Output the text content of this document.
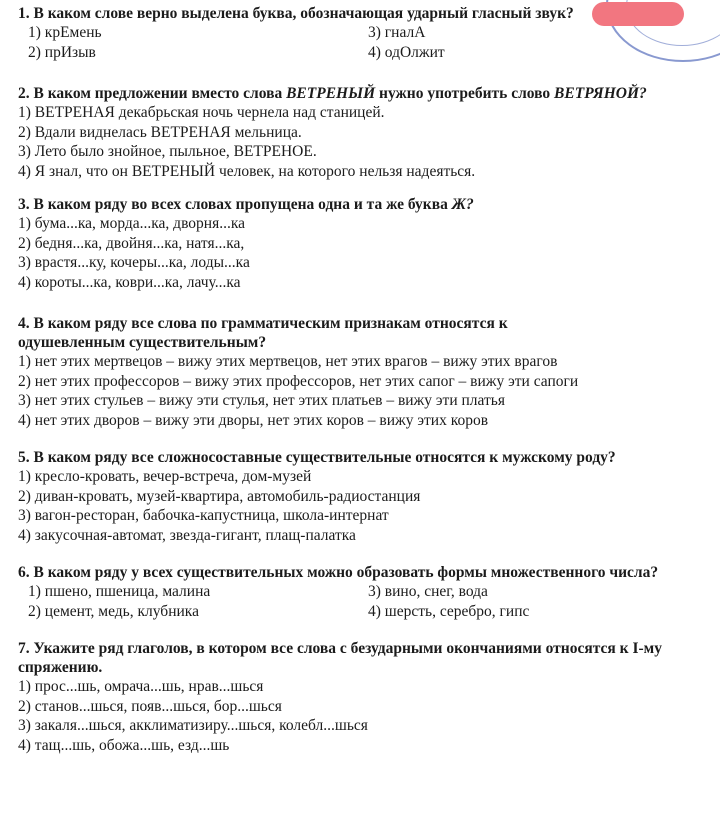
1. В каком слове верно выделена буква, обозначающая ударный гласный звук?
1) крЕмень	3) гналА
2) прИзыв	4) одОлжит
2. В каком предложении вместо слова ВЕТРЕНЫЙ нужно употребить слово ВЕТРЯНОЙ?
1) ВЕТРЕНАЯ декабрьская ночь чернела над станицей.
2) Вдали виднелась ВЕТРЕНАЯ мельница.
3) Лето было знойное, пыльное, ВЕТРЕНОЕ.
4) Я знал, что он ВЕТРЕНЫЙ человек, на которого нельзя надеяться.
3. В каком ряду во всех словах пропущена одна и та же буква Ж?
1) бума...ка, морда...ка, дворня...ка
2) бедня...ка, двойня...ка, натя...ка,
3) врастя...ку, кочеры...ка, лоды...ка
4) короты...ка, коври...ка, лачу...ка
4. В каком ряду все слова по грамматическим признакам относятся к одушевленным существительным?
1) нет этих мертвецов – вижу этих мертвецов, нет этих врагов – вижу этих врагов
2) нет этих профессоров – вижу этих профессоров, нет этих сапог – вижу эти сапоги
3) нет этих стульев – вижу эти стулья, нет этих платьев – вижу эти платья
4) нет этих дворов – вижу эти дворы, нет этих коров – вижу этих коров
5. В каком ряду все сложносоставные существительные относятся к мужскому роду?
1) кресло-кровать, вечер-встреча, дом-музей
2) диван-кровать, музей-квартира, автомобиль-радиостанция
3) вагон-ресторан, бабочка-капустница, школа-интернат
4) закусочная-автомат, звезда-гигант, плащ-палатка
6. В каком ряду у всех существительных можно образовать формы множественного числа?
1) пшено, пшеница, малина	3) вино, снег, вода
2) цемент, медь, клубника	4) шерсть, серебро, гипс
7. Укажите ряд глаголов, в котором все слова с безударными окончаниями относятся к I-му спряжению.
1) прос...шь, омрача...шь, нрав...шься
2) станов...шься, появ...шься, бор...шься
3) закаля...шься, акклиматизиру...шься, колебл...шься
4) тащ...шь, обожа...шь, езд...шь
